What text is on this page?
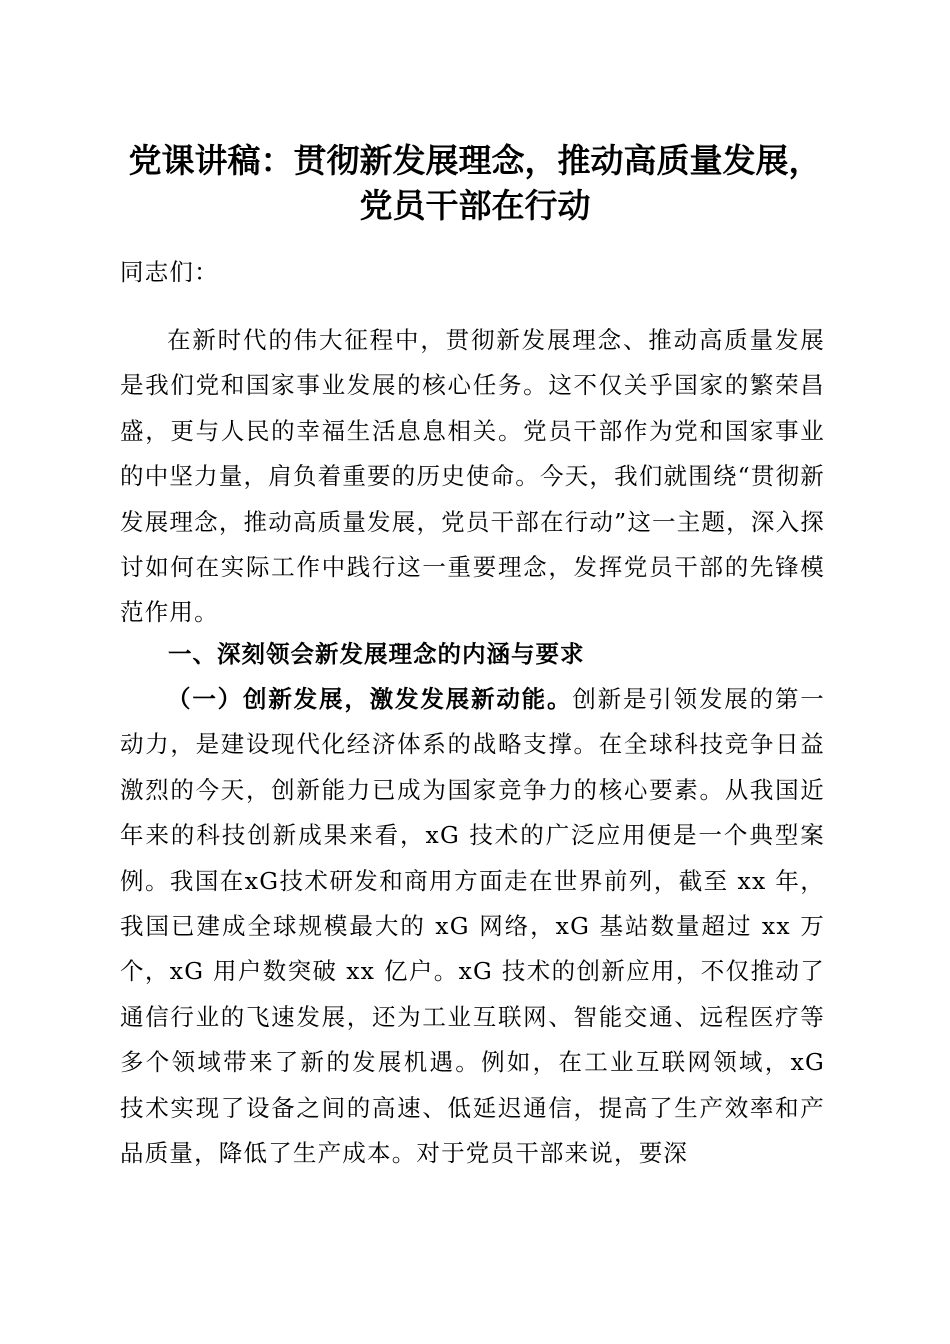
党课讲稿：贯彻新发展理念，推动高质量发展，
党员干部在行动
同志们：
在新时代的伟大征程中，贯彻新发展理念、推动高质量发展是我们党和国家事业发展的核心任务。这不仅关乎国家的繁荣昌盛，更与人民的幸福生活息息相关。党员干部作为党和国家事业的中坚力量，肩负着重要的历史使命。今天，我们就围绕“贯彻新发展理念，推动高质量发展，党员干部在行动”这一主题，深入探讨如何在实际工作中践行这一重要理念，发挥党员干部的先锋模范作用。
一、深刻领会新发展理念的内涵与要求
（一）创新发展，激发发展新动能。创新是引领发展的第一动力，是建设现代化经济体系的战略支撑。在全球科技竞争日益激烈的今天，创新能力已成为国家竞争力的核心要素。从我国近年来的科技创新成果来看，xG 技术的广泛应用便是一个典型案例。我国在xG技术研发和商用方面走在世界前列，截至 xx 年，我国已建成全球规模最大的 xG 网络，xG 基站数量超过 xx 万个，xG 用户数突破 xx 亿户。xG 技术的创新应用，不仅推动了通信行业的飞速发展，还为工业互联网、智能交通、远程医疗等多个领域带来了新的发展机遇。例如，在工业互联网领域，xG 技术实现了设备之间的高速、低延迟通信，提高了生产效率和产品质量，降低了生产成本。对于党员干部来说，要深
